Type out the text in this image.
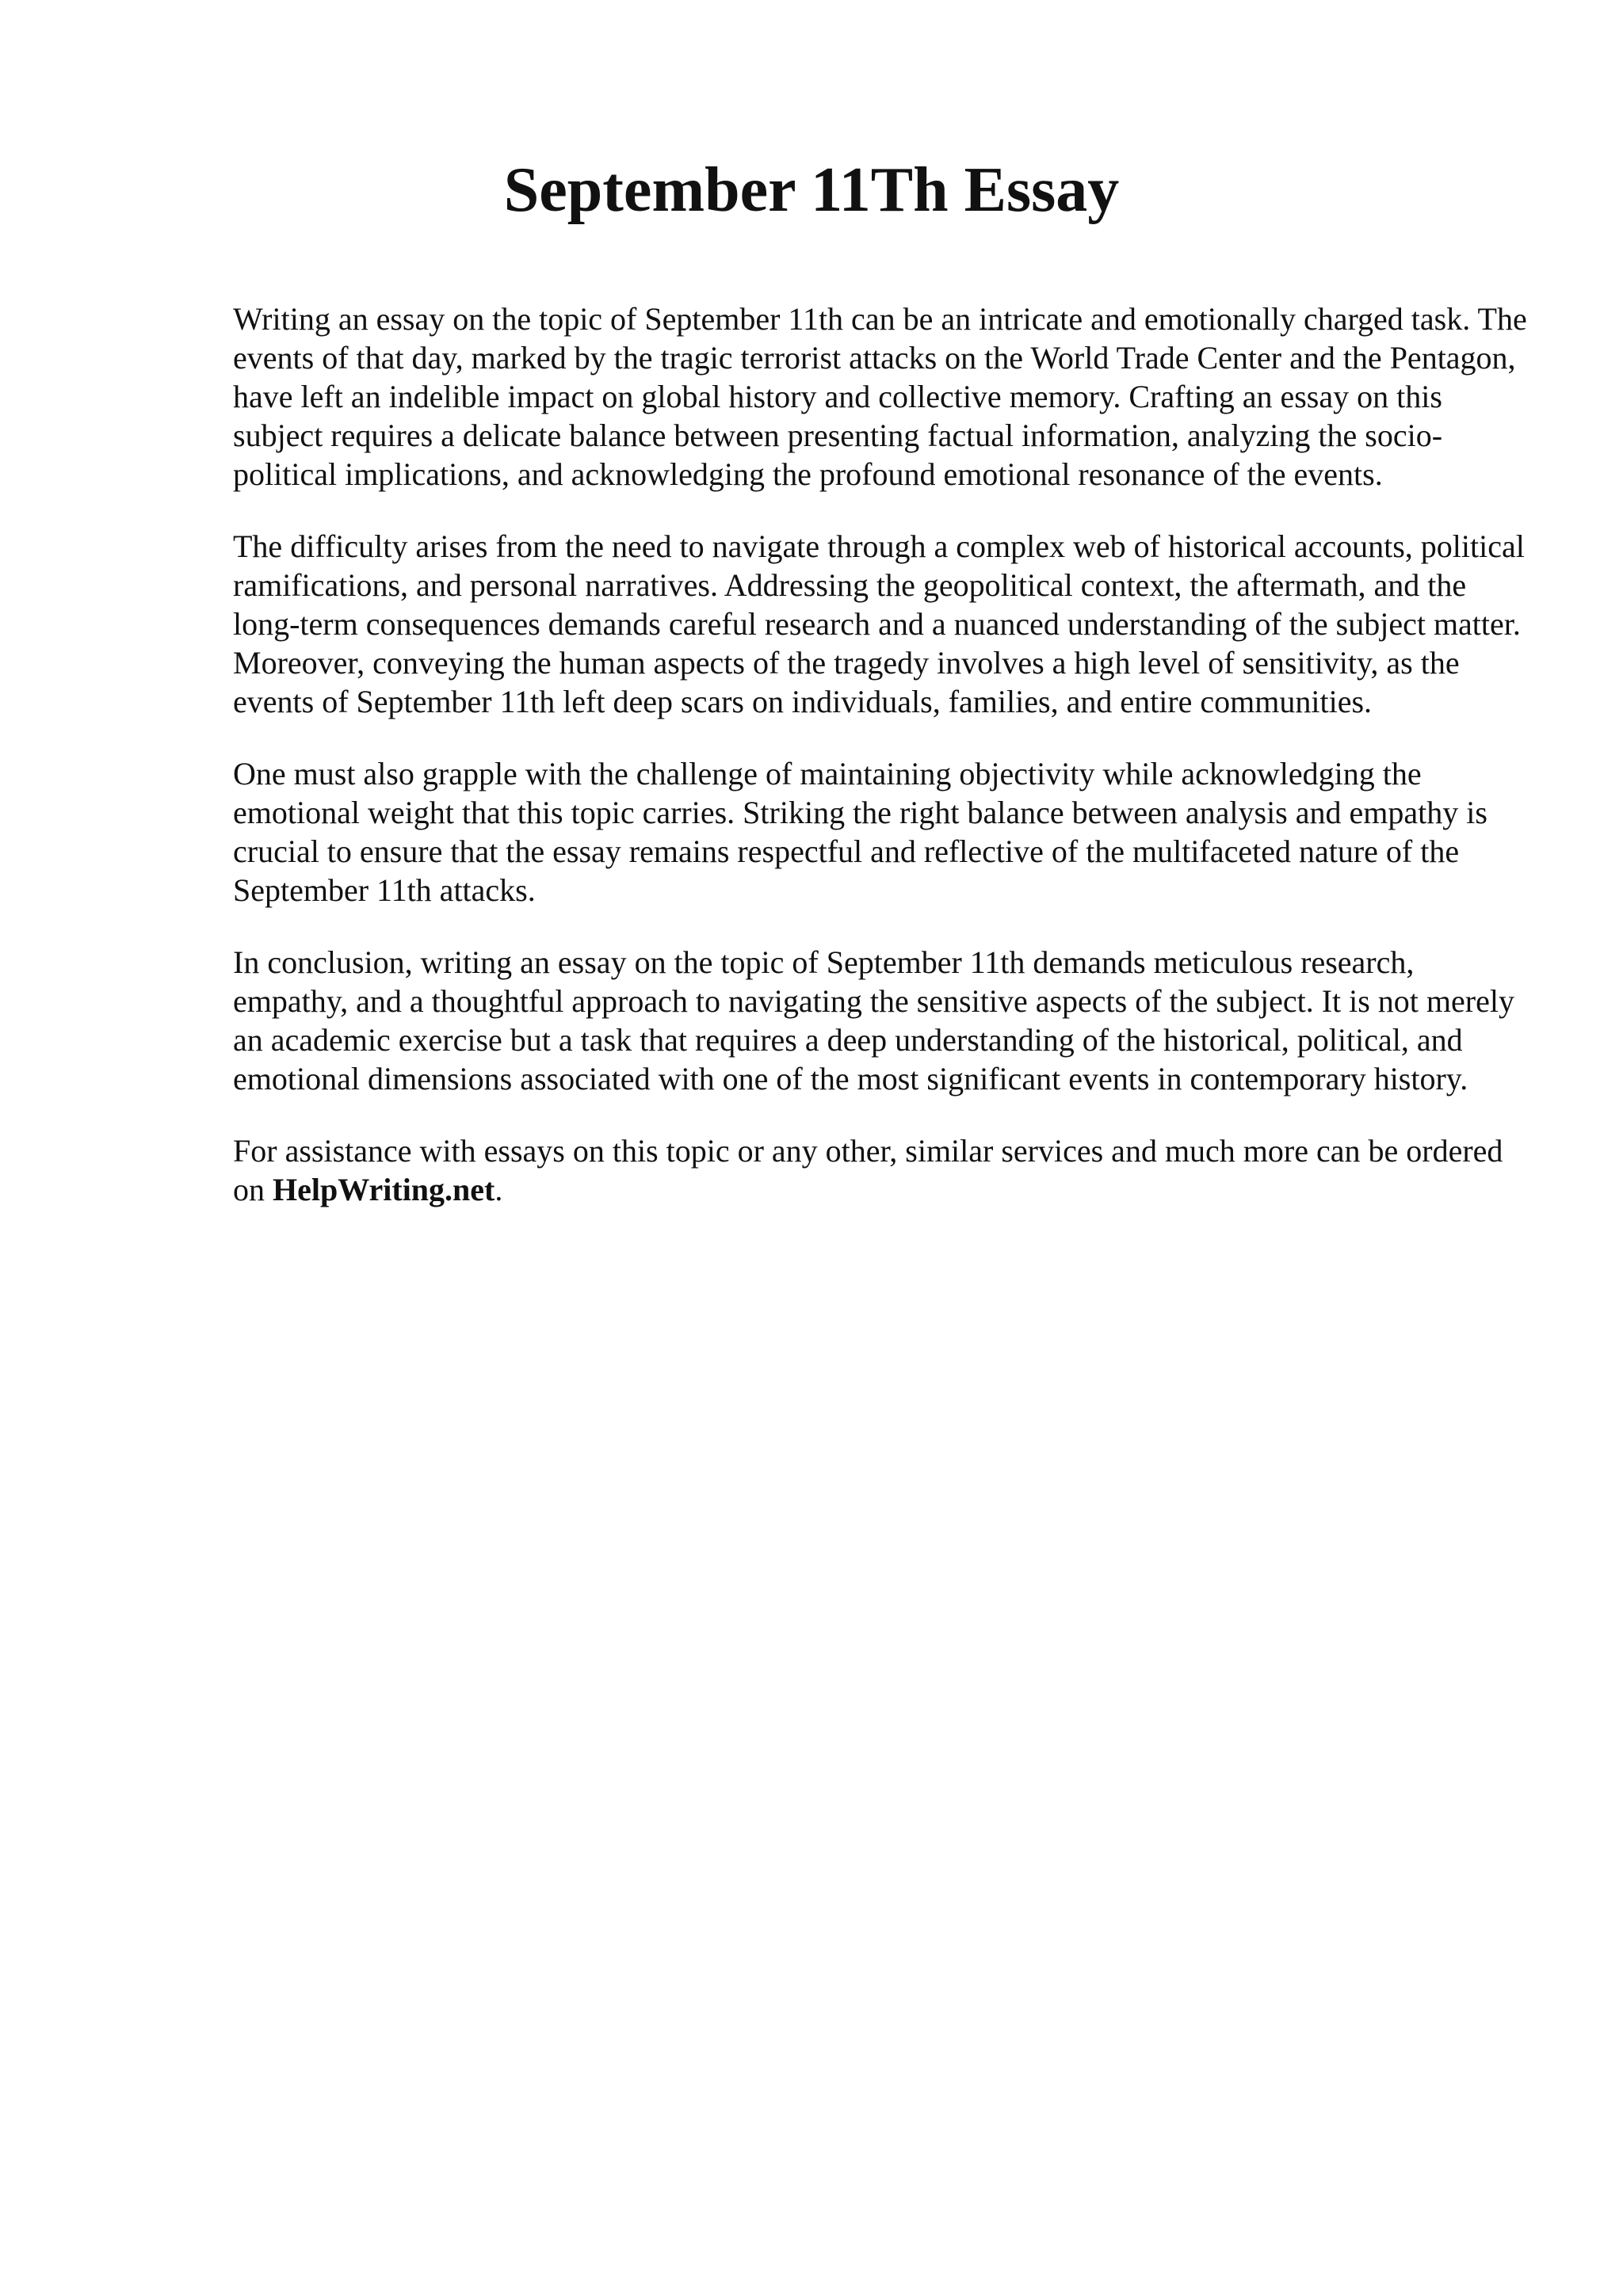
September 11Th Essay

Writing an essay on the topic of September 11th can be an intricate and emotionally charged task. The events of that day, marked by the tragic terrorist attacks on the World Trade Center and the Pentagon, have left an indelible impact on global history and collective memory. Crafting an essay on this subject requires a delicate balance between presenting factual information, analyzing the socio-political implications, and acknowledging the profound emotional resonance of the events.

The difficulty arises from the need to navigate through a complex web of historical accounts, political ramifications, and personal narratives. Addressing the geopolitical context, the aftermath, and the long-term consequences demands careful research and a nuanced understanding of the subject matter. Moreover, conveying the human aspects of the tragedy involves a high level of sensitivity, as the events of September 11th left deep scars on individuals, families, and entire communities.

One must also grapple with the challenge of maintaining objectivity while acknowledging the emotional weight that this topic carries. Striking the right balance between analysis and empathy is crucial to ensure that the essay remains respectful and reflective of the multifaceted nature of the September 11th attacks.

In conclusion, writing an essay on the topic of September 11th demands meticulous research, empathy, and a thoughtful approach to navigating the sensitive aspects of the subject. It is not merely an academic exercise but a task that requires a deep understanding of the historical, political, and emotional dimensions associated with one of the most significant events in contemporary history.

For assistance with essays on this topic or any other, similar services and much more can be ordered on HelpWriting.net.
